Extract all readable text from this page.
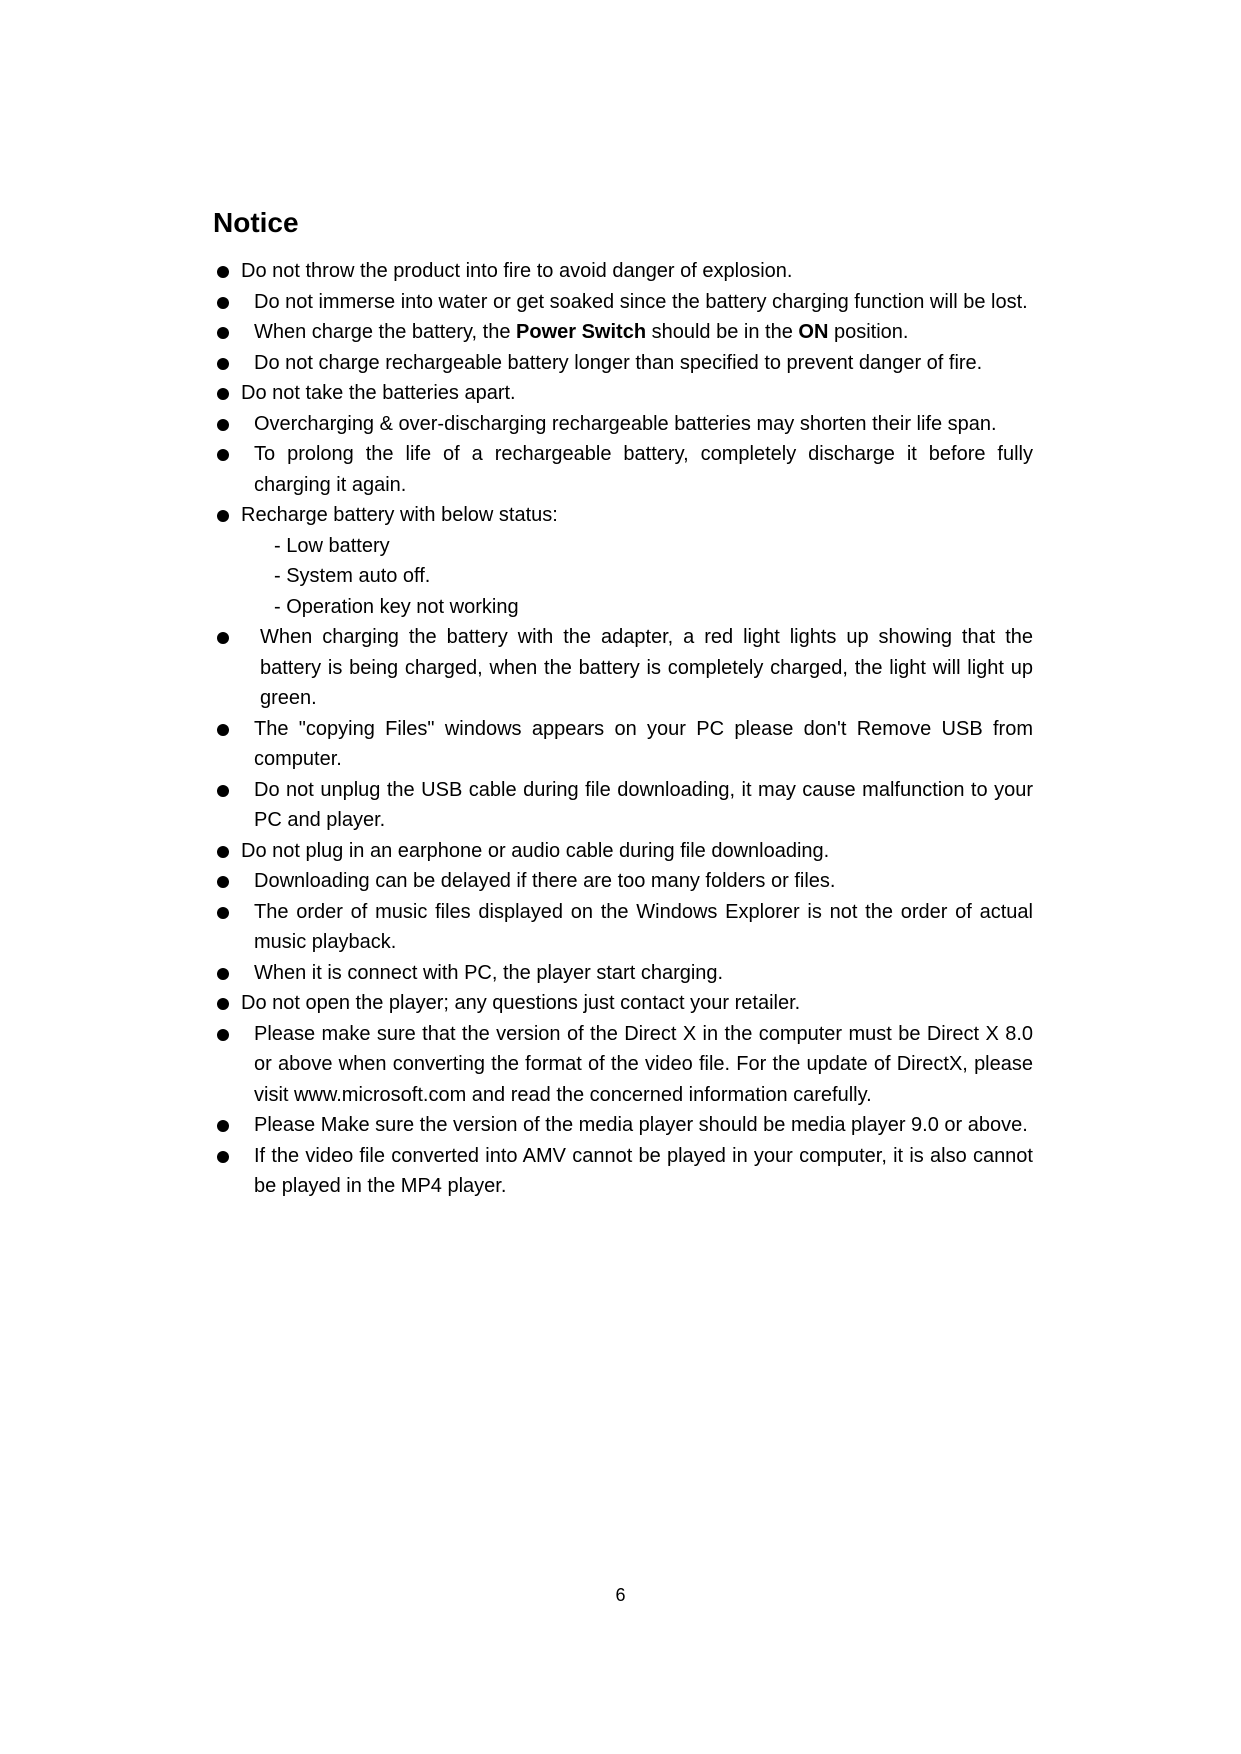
Notice
Do not throw the product into fire to avoid danger of explosion.
Do not immerse into water or get soaked since the battery charging function will be lost.
When charge the battery, the Power Switch should be in the ON position.
Do not charge rechargeable battery longer than specified to prevent danger of fire.
Do not take the batteries apart.
Overcharging & over-discharging rechargeable batteries may shorten their life span.
To prolong the life of a rechargeable battery, completely discharge it before fully charging it again.
Recharge battery with below status:
- Low battery
- System auto off.
- Operation key not working
When charging the battery with the adapter, a red light lights up showing that the battery is being charged, when the battery is completely charged, the light will light up green.
The "copying Files" windows appears on your PC please don't Remove USB from computer.
Do not unplug the USB cable during file downloading, it may cause malfunction to your PC and player.
Do not plug in an earphone or audio cable during file downloading.
Downloading can be delayed if there are too many folders or files.
The order of music files displayed on the Windows Explorer is not the order of actual music playback.
When it is connect with PC, the player start charging.
Do not open the player; any questions just contact your retailer.
Please make sure that the version of the Direct X in the computer must be Direct X 8.0 or above when converting the format of the video file. For the update of DirectX, please visit www.microsoft.com and read the concerned information carefully.
Please Make sure the version of the media player should be media player 9.0 or above.
If the video file converted into AMV cannot be played in your computer, it is also cannot be played in the MP4 player.
6
